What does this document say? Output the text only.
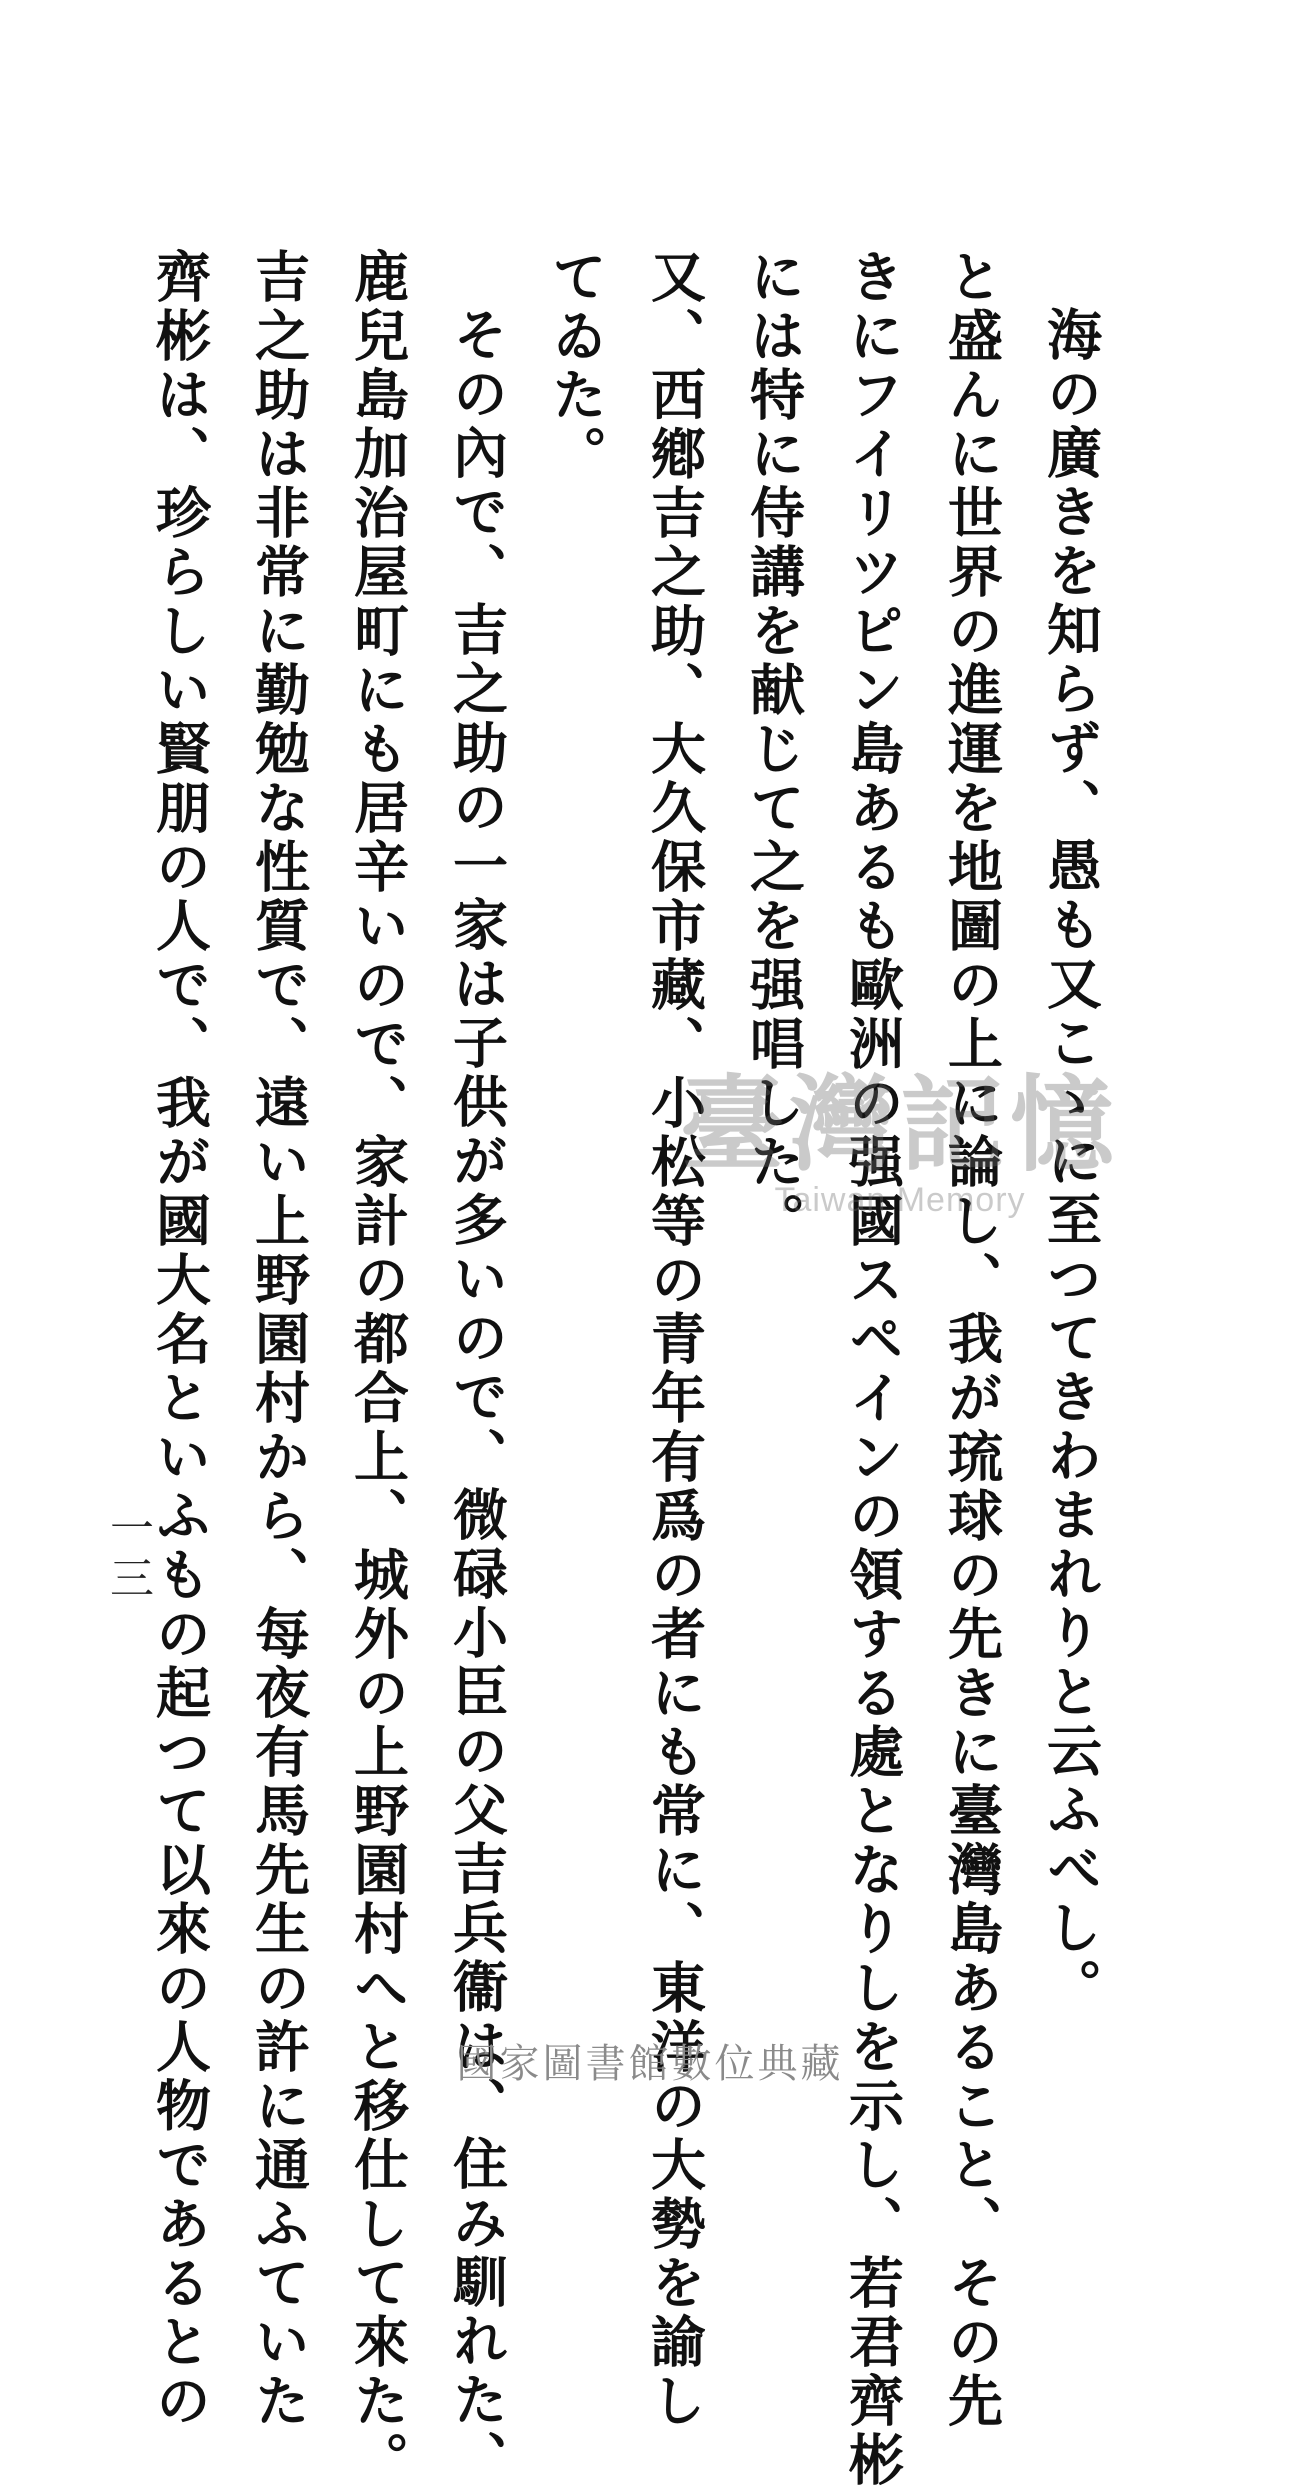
海の廣きを知らず、愚も又こゝに至つてきわまれりと云ふべし。
と盛んに世界の進運を地圖の上に論し、我が琉球の先きに臺灣島あること、その先
きにフイリツピン島あるも歐洲の强國スペインの領する處となりしを示し、若君齊彬
には特に侍講を献じて之を强唱した。
又、西鄕吉之助、大久保市藏、小松等の青年有爲の者にも常に、東洋の大勢を諭し
てゐた。
その內で、吉之助の一家は子供が多いので、微碌小臣の父吉兵衞は、住み馴れた、
鹿兒島加治屋町にも居辛いので、家計の都合上、城外の上野園村へと移仕して來た。
吉之助は非常に勤勉な性質で、遠い上野園村から、每夜有馬先生の許に通ふていた
齊彬は、珍らしい賢朋の人で、我が國大名といふもの起つて以來の人物であるとの
一三
臺灣記憶
Taiwan Memory
國家圖書館數位典藏
